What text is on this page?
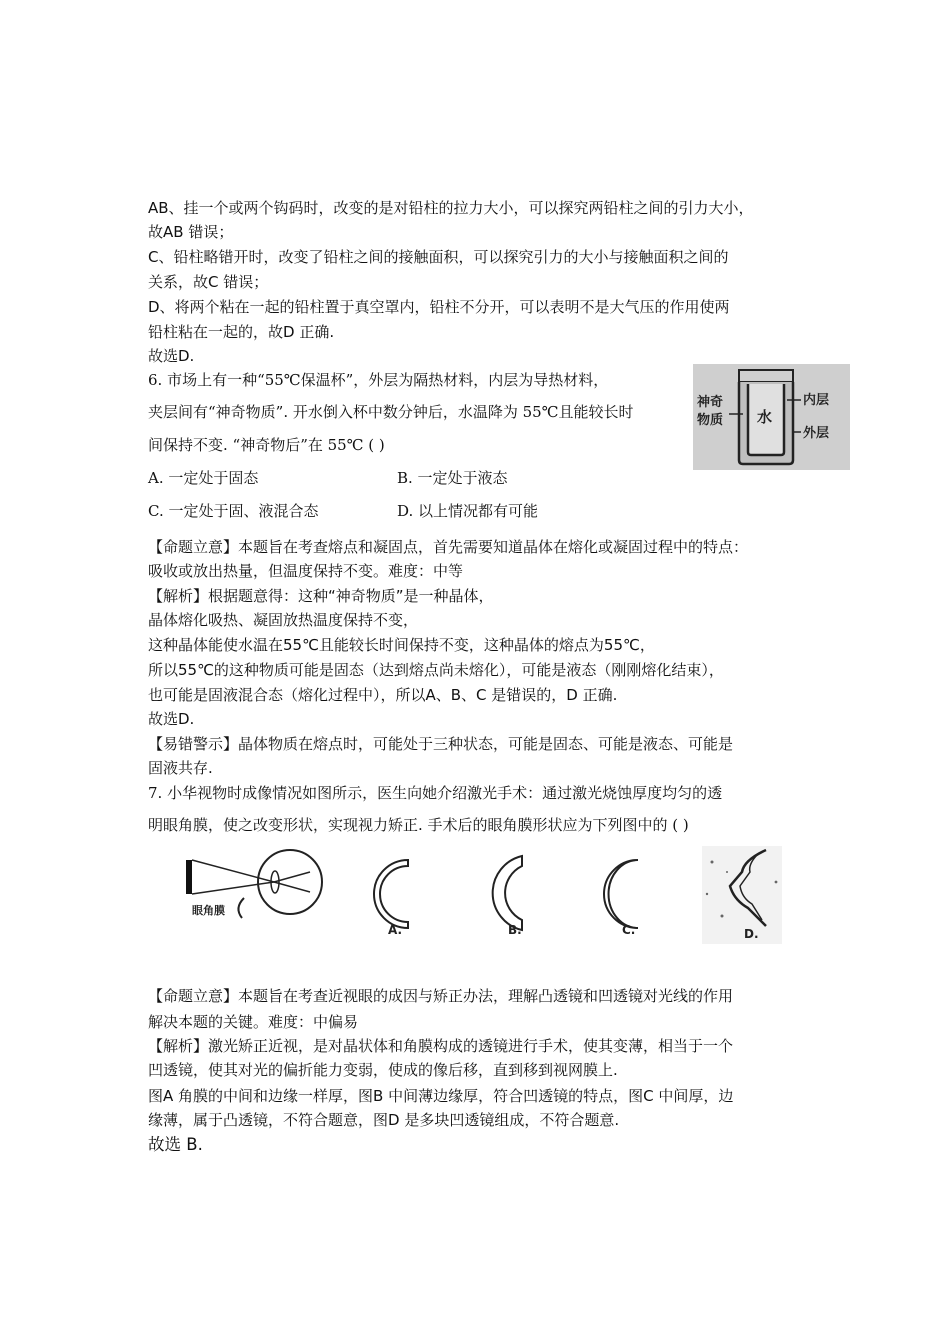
AB、挂一个或两个钩码时，改变的是对铅柱的拉力大小，可以探究两铅柱之间的引力大小，
故AB 错误；
C、铅柱略错开时，改变了铅柱之间的接触面积，可以探究引力的大小与接触面积之间的
关系，故C 错误；
D、将两个粘在一起的铅柱置于真空罩内，铅柱不分开，可以表明不是大气压的作用使两
铅柱粘在一起的，故D 正确.
故选D.
6. 市场上有一种“55℃保温杯”，外层为隔热材料，内层为导热材料，
夹层间有“神奇物质”. 开水倒入杯中数分钟后，水温降为 55℃且能较长时
间保持不变. “神奇物后”在 55℃ ( )
A. 一定处于固态	B. 一定处于液态
C. 一定处于固、液混合态	D. 以上情况都有可能
神奇
物质 水
内层
外层
【命题立意】本题旨在考查熔点和凝固点，首先需要知道晶体在熔化或凝固过程中的特点：
吸收或放出热量，但温度保持不变。难度：中等
【解析】根据题意得：这种“神奇物质”是一种晶体，
晶体熔化吸热、凝固放热温度保持不变，
这种晶体能使水温在55℃且能较长时间保持不变，这种晶体的熔点为55℃，
所以55℃的这种物质可能是固态（达到熔点尚未熔化），可能是液态（刚刚熔化结束），
也可能是固液混合态（熔化过程中），所以A、B、C 是错误的，D 正确.
故选D.
【易错警示】晶体物质在熔点时，可能处于三种状态，可能是固态、可能是液态、可能是
固液共存.
7. 小华视物时成像情况如图所示，医生向她介绍激光手术：通过激光烧蚀厚度均匀的透
明眼角膜，使之改变形状，实现视力矫正. 手术后的眼角膜形状应为下列图中的 ( )
眼角膜
A.	B.	C.	D.
【命题立意】本题旨在考查近视眼的成因与矫正办法，理解凸透镜和凹透镜对光线的作用
解决本题的关键。难度：中偏易
【解析】激光矫正近视，是对晶状体和角膜构成的透镜进行手术，使其变薄，相当于一个
凹透镜，使其对光的偏折能力变弱，使成的像后移，直到移到视网膜上.
图A 角膜的中间和边缘一样厚，图B 中间薄边缘厚，符合凹透镜的特点，图C 中间厚，边
缘薄，属于凸透镜，不符合题意，图D 是多块凹透镜组成，不符合题意.
故选 B.
